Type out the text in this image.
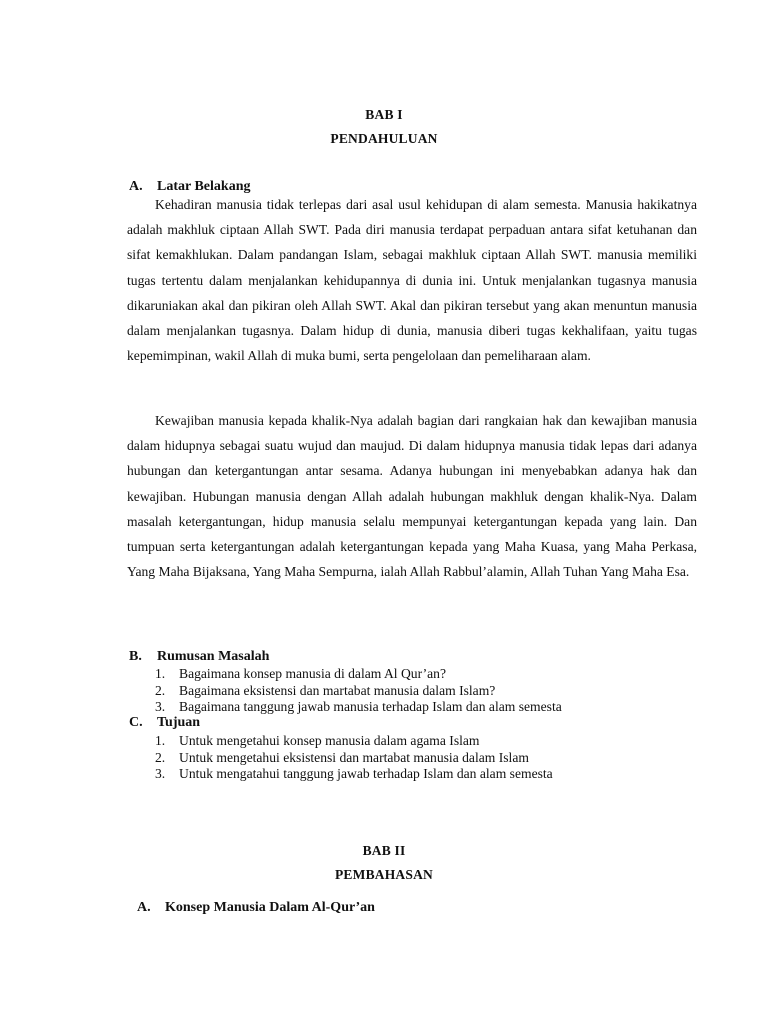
BAB I
PENDAHULUAN
A. Latar Belakang
Kehadiran manusia tidak terlepas dari asal usul kehidupan di alam semesta. Manusia hakikatnya adalah makhluk ciptaan Allah SWT. Pada diri manusia terdapat perpaduan antara sifat ketuhanan dan sifat kemakhlukan. Dalam pandangan Islam, sebagai makhluk ciptaan Allah SWT. manusia memiliki tugas tertentu dalam menjalankan kehidupannya di dunia ini. Untuk menjalankan tugasnya manusia dikaruniakan akal dan pikiran oleh Allah SWT. Akal dan pikiran tersebut yang akan menuntun manusia dalam menjalankan tugasnya. Dalam hidup di dunia, manusia diberi tugas kekhalifaan, yaitu tugas kepemimpinan, wakil Allah di muka bumi, serta pengelolaan dan pemeliharaan alam.
Kewajiban manusia kepada khalik-Nya adalah bagian dari rangkaian hak dan kewajiban manusia dalam hidupnya sebagai suatu wujud dan maujud. Di dalam hidupnya manusia tidak lepas dari adanya hubungan dan ketergantungan antar sesama. Adanya hubungan ini menyebabkan adanya hak dan kewajiban. Hubungan manusia dengan Allah adalah hubungan makhluk dengan khalik-Nya. Dalam masalah ketergantungan, hidup manusia selalu mempunyai ketergantungan kepada yang lain. Dan tumpuan serta ketergantungan adalah ketergantungan kepada yang Maha Kuasa, yang Maha Perkasa, Yang Maha Bijaksana, Yang Maha Sempurna, ialah Allah Rabbul’alamin, Allah Tuhan Yang Maha Esa.
B. Rumusan Masalah
1. Bagaimana konsep manusia di dalam Al Qur’an?
2. Bagaimana eksistensi dan martabat manusia dalam Islam?
3. Bagaimana tanggung jawab manusia terhadap Islam dan alam semesta
C. Tujuan
1. Untuk mengetahui konsep manusia dalam agama Islam
2. Untuk mengetahui eksistensi dan martabat manusia dalam Islam
3. Untuk mengatahui tanggung jawab terhadap Islam dan alam semesta
BAB II
PEMBAHASAN
A. Konsep Manusia Dalam Al-Qur’an
